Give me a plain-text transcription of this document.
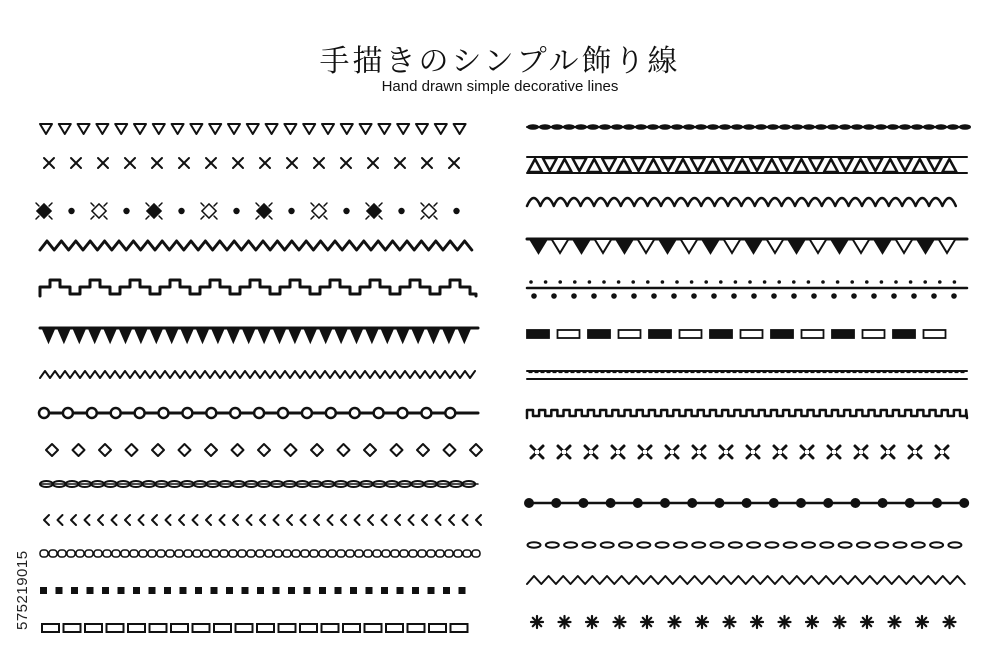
手描きのシンプル飾り線
Hand drawn simple decorative lines
575219015
